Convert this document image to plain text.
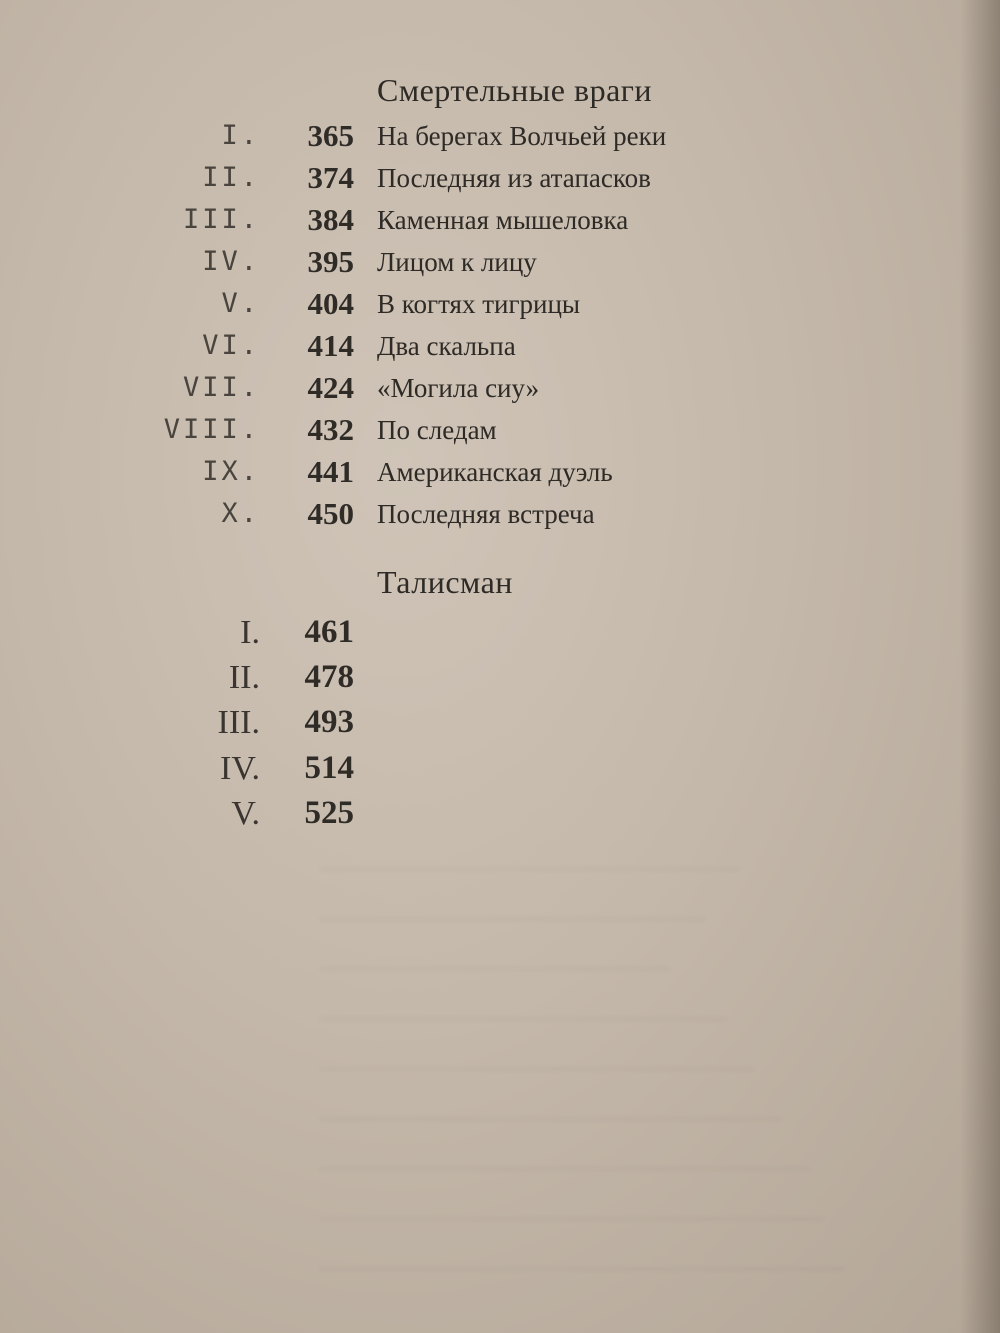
Смертельные враги
I. 365 На берегах Волчьей реки
II. 374 Последняя из атапасков
III. 384 Каменная мышеловка
IV. 395 Лицом к лицу
V. 404 В когтях тигрицы
VI. 414 Два скальпа
VII. 424 «Могила сиу»
VIII. 432 По следам
IX. 441 Американская дуэль
X. 450 Последняя встреча
Талисман
I. 461
II. 478
III. 493
IV. 514
V. 525
